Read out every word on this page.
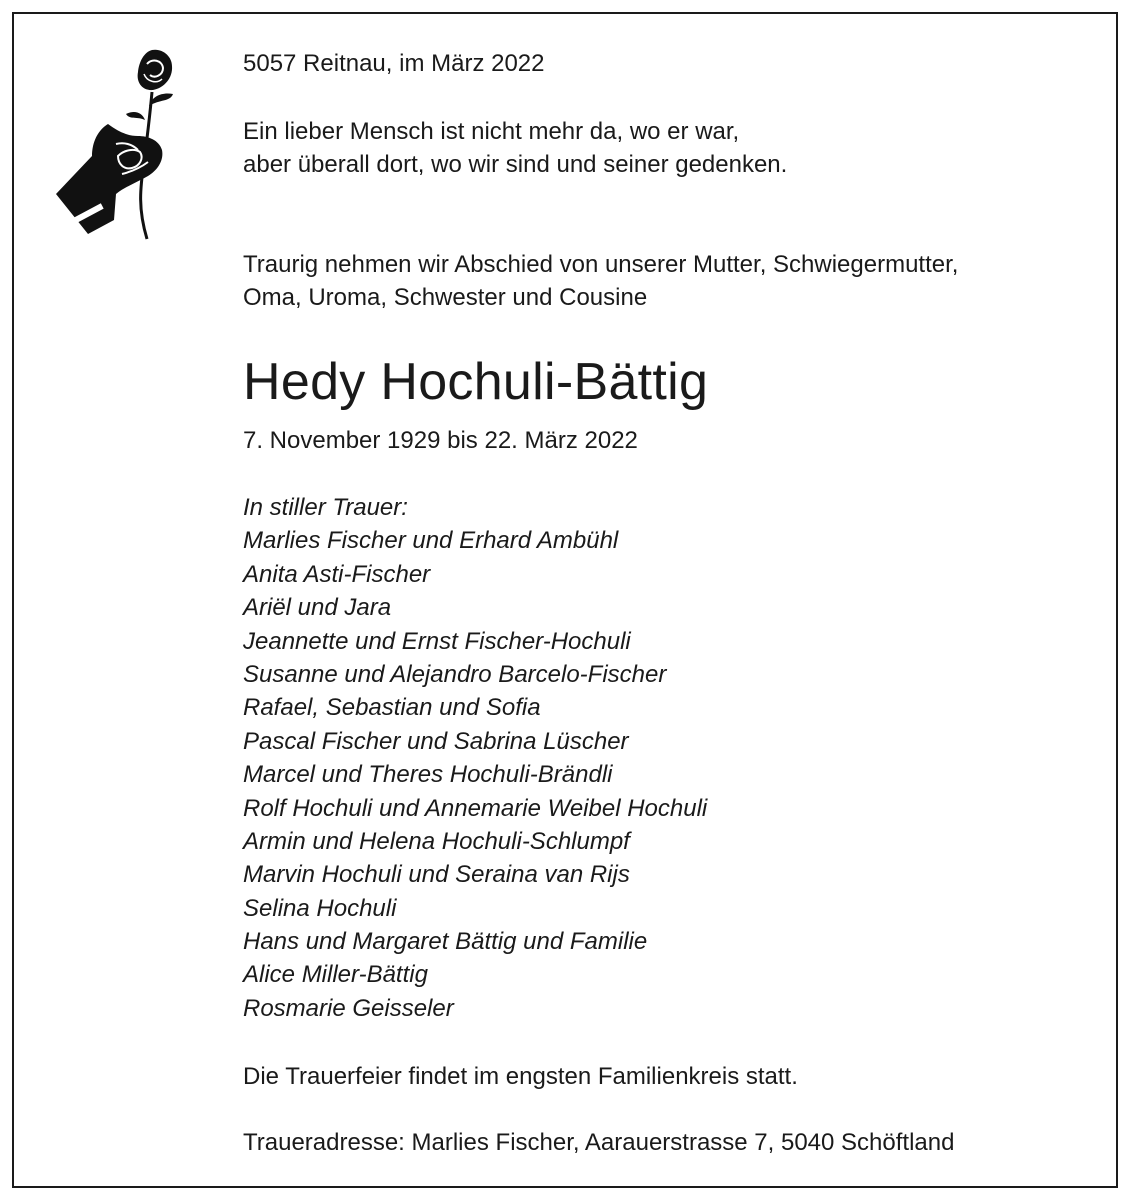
5057 Reitnau, im März 2022

Ein lieber Mensch ist nicht mehr da, wo er war,
aber überall dort, wo wir sind und seiner gedenken.

Traurig nehmen wir Abschied von unserer Mutter, Schwiegermutter,
Oma, Uroma, Schwester und Cousine

Hedy Hochuli-Bättig

7. November 1929 bis 22. März 2022

In stiller Trauer:
Marlies Fischer und Erhard Ambühl
Anita Asti-Fischer
Ariël und Jara
Jeannette und Ernst Fischer-Hochuli
Susanne und Alejandro Barcelo-Fischer
Rafael, Sebastian und Sofia
Pascal Fischer und Sabrina Lüscher
Marcel und Theres Hochuli-Brändli
Rolf Hochuli und Annemarie Weibel Hochuli
Armin und Helena Hochuli-Schlumpf
Marvin Hochuli und Seraina van Rijs
Selina Hochuli
Hans und Margaret Bättig und Familie
Alice Miller-Bättig
Rosmarie Geisseler

Die Trauerfeier findet im engsten Familienkreis statt.

Traueradresse: Marlies Fischer, Aarauerstrasse 7, 5040 Schöftland
